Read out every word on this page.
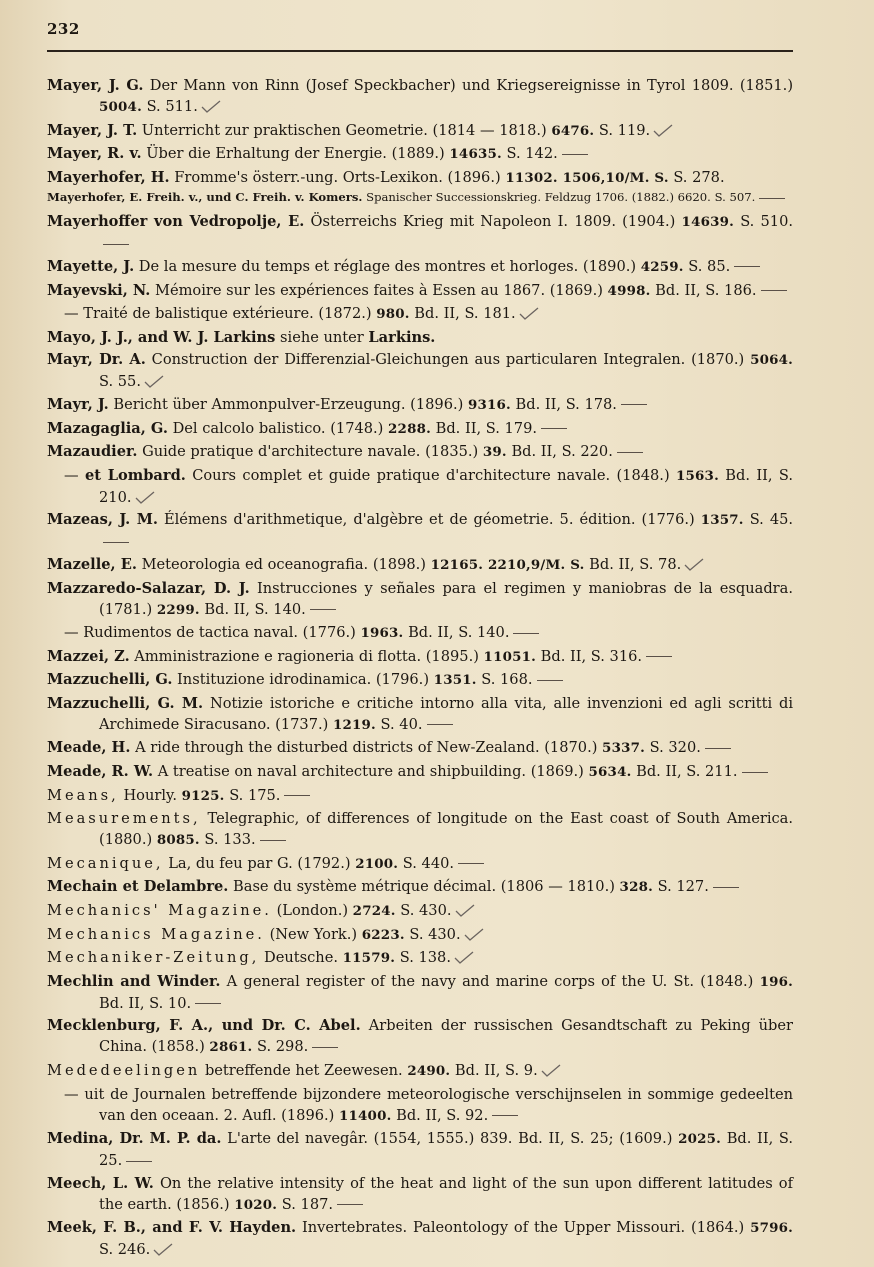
232
Mayer, J. G. Der Mann von Rinn (Josef Speckbacher) und Kriegsereignisse in Tyrol 1809. (1851.) 5004. S. 511.
Mayer, J. T. Unterricht zur praktischen Geometrie. (1814 — 1818.) 6476. S. 119.
Mayer, R. v. Über die Erhaltung der Energie. (1889.) 14635. S. 142.
Mayerhofer, H. Fromme's österr.-ung. Orts-Lexikon. (1896.) 11302. 1506,10/M. S. S. 278.
Mayerhofer, E. Freih. v., und C. Freih. v. Komers. Spanischer Successionskrieg. Feldzug 1706. (1882.) 6620. S. 507.
Mayerhoffer von Vedropolje, E. Österreichs Krieg mit Napoleon I. 1809. (1904.) 14639. S. 510.
Mayette, J. De la mesure du temps et réglage des montres et horloges. (1890.) 4259. S. 85.
Mayevski, N. Mémoire sur les expériences faites à Essen au 1867. (1869.) 4998. Bd. II, S. 186.
— Traité de balistique extérieure. (1872.) 980. Bd. II, S. 181.
Mayo, J. J., and W. J. Larkins siehe unter Larkins.
Mayr, Dr. A. Construction der Differenzial-Gleichungen aus particularen Integralen. (1870.) 5064. S. 55.
Mayr, J. Bericht über Ammonpulver-Erzeugung. (1896.) 9316. Bd. II, S. 178.
Mazagaglia, G. Del calcolo balistico. (1748.) 2288. Bd. II, S. 179.
Mazaudier. Guide pratique d'architecture navale. (1835.) 39. Bd. II, S. 220.
— et Lombard. Cours complet et guide pratique d'architecture navale. (1848.) 1563. Bd. II, S. 210.
Mazeas, J. M. Élémens d'arithmetique, d'algèbre et de géometrie. 5. édition. (1776.) 1357. S. 45.
Mazelle, E. Meteorologia ed oceanografia. (1898.) 12165. 2210,9/M. S. Bd. II, S. 78.
Mazzaredo-Salazar, D. J. Instrucciones y señales para el regimen y maniobras de la esquadra. (1781.) 2299. Bd. II, S. 140.
— Rudimentos de tactica naval. (1776.) 1963. Bd. II, S. 140.
Mazzei, Z. Amministrazione e ragioneria di flotta. (1895.) 11051. Bd. II, S. 316.
Mazzuchelli, G. Instituzione idrodinamica. (1796.) 1351. S. 168.
Mazzuchelli, G. M. Notizie istoriche e critiche intorno alla vita, alle invenzioni ed agli scritti di Archimede Siracusano. (1737.) 1219. S. 40.
Meade, H. A ride through the disturbed districts of New-Zealand. (1870.) 5337. S. 320.
Meade, R. W. A treatise on naval architecture and shipbuilding. (1869.) 5634. Bd. II, S. 211.
Means, Hourly. 9125. S. 175.
Measurements, Telegraphic, of differences of longitude on the East coast of South America. (1880.) 8085. S. 133.
Mecanique, La, du feu par G. (1792.) 2100. S. 440.
Mechain et Delambre. Base du système métrique décimal. (1806 — 1810.) 328. S. 127.
Mechanics' Magazine. (London.) 2724. S. 430.
Mechanics Magazine. (New York.) 6223. S. 430.
Mechaniker-Zeitung, Deutsche. 11579. S. 138.
Mechlin and Winder. A general register of the navy and marine corps of the U. St. (1848.) 196. Bd. II, S. 10.
Mecklenburg, F. A., und Dr. C. Abel. Arbeiten der russischen Gesandtschaft zu Peking über China. (1858.) 2861. S. 298.
Mededeelingen betreffende het Zeewesen. 2490. Bd. II, S. 9.
— uit de Journalen betreffende bijzondere meteorologische verschijnselen in sommige gedeelten van den oceaan. 2. Aufl. (1896.) 11400. Bd. II, S. 92.
Medina, Dr. M. P. da. L'arte del navegâr. (1554, 1555.) 839. Bd. II, S. 25; (1609.) 2025. Bd. II, S. 25.
Meech, L. W. On the relative intensity of the heat and light of the sun upon different latitudes of the earth. (1856.) 1020. S. 187.
Meek, F. B., and F. V. Hayden. Invertebrates. Paleontology of the Upper Missouri. (1864.) 5796. S. 246.
